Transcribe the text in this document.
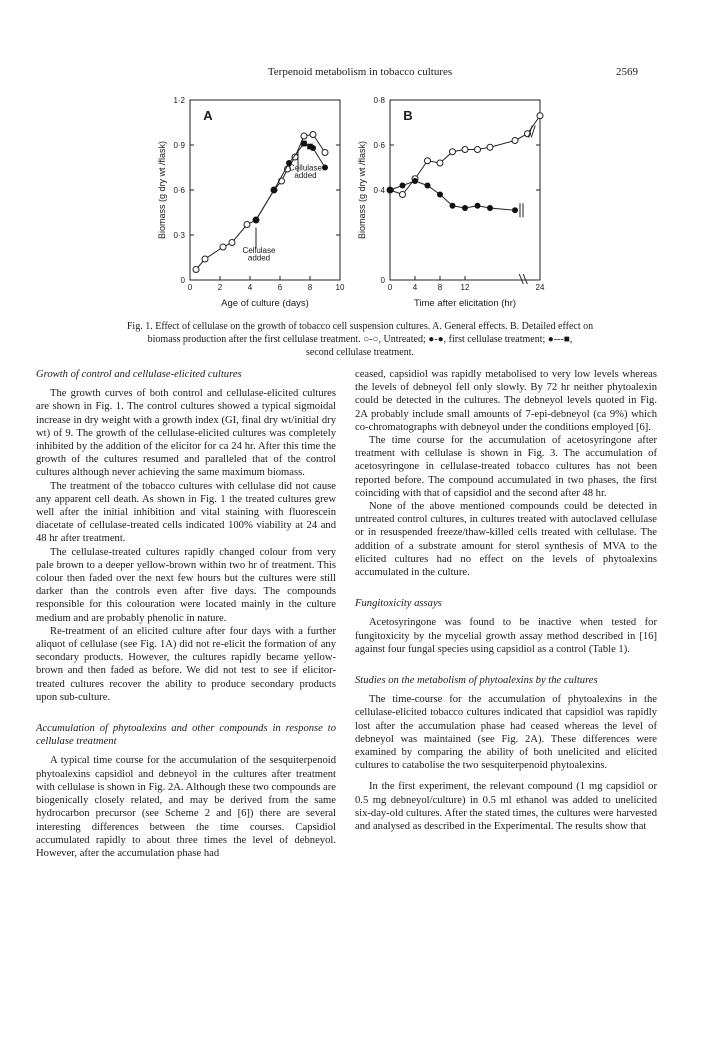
Terpenoid metabolism in tobacco cultures	2569
0	2	4	6	8	10
0
0·3
0·6
0·9
1·2
Age of culture (days)
Biomass (g dry wt /flask)
A
Cellulase
added
Cellulase
added
0	4	8 12	24
0
0·4
0·6
0·8
Time after elicitation (hr)
Biomass (g dry wt /flask)
B
Fig. 1. Effect of cellulase on the growth of tobacco cell suspension cultures. A. General effects. B. Detailed effect on
biomass production after the first cellulase treatment. ○-○, Untreated; ●-●, first cellulase treatment; ●---■,
second cellulase treatment.
Growth of control and cellulase-elicited cultures

The growth curves of both control and cellulase-elicited cultures are shown in Fig. 1. The control cultures showed a typical sigmoidal increase in dry weight with a growth index (GI, final dry wt/initial dry wt) of 9. The growth of the cellulase-elicited cultures was completely inhibited by the addition of the elicitor for ca 24 hr. After this time the growth of the cultures resumed and paralleled that of the control cultures although never achieving the same maximum biomass.

The treatment of the tobacco cultures with cellulase did not cause any apparent cell death. As shown in Fig. 1 the treated cultures grew well after the initial inhibition and vital staining with fluorescein diacetate of cellulase-treated cells indicated 100% viability at 24 and 48 hr after treatment.

The cellulase-treated cultures rapidly changed colour from very pale brown to a deeper yellow-brown within two hr of treatment. This colour then faded over the next few hours but the cultures were still darker than the controls even after five days. The compounds responsible for this colouration were located mainly in the culture medium and are probably phenolic in nature.

Re-treatment of an elicited culture after four days with a further aliquot of cellulase (see Fig. 1A) did not re-elicit the formation of any secondary products. However, the cultures rapidly became yellow-brown and then faded as before. We did not test to see if elicitor-treated cultures recover the ability to produce secondary products upon sub-culture.

Accumulation of phytoalexins and other compounds in response to cellulase treatment

A typical time course for the accumulation of the sesquiterpenoid phytoalexins capsidiol and debneyol in the cultures after treatment with cellulase is shown in Fig. 2A. Although these two compounds are biogenically closely related, and may be derived from the same hydrocarbon precursor (see Scheme 2 and [6]) there are several interesting differences between the time courses. Capsidiol accumulated rapidly to about three times the level of debneyol. However, after the accumulation phase had

ceased, capsidiol was rapidly metabolised to very low levels whereas the levels of debneyol fell only slowly. By 72 hr neither phytoalexin could be detected in the cultures. The debneyol levels quoted in Fig. 2A probably include small amounts of 7-epi-debneyol (ca 9%) which co-chromatographs with debneyol under the conditions employed [6].

The time course for the accumulation of acetosyringone after treatment with cellulase is shown in Fig. 3. The accumulation of acetosyringone in cellulase-treated tobacco cultures has not been reported before. The compound accumulated in two phases, the first coinciding with that of capsidiol and the second after 48 hr.

None of the above mentioned compounds could be detected in untreated control cultures, in cultures treated with autoclaved cellulase or in resuspended freeze/thaw-killed cells treated with cellulase. The addition of a substrate amount for sterol synthesis of MVA to the elicited cultures had no effect on the levels of phytoalexins accumulated in the culture.

Fungitoxicity assays

Acetosyringone was found to be inactive when tested for fungitoxicity by the mycelial growth assay method described in [16] against four fungal species using capsidiol as a control (Table 1).

Studies on the metabolism of phytoalexins by the cultures

The time-course for the accumulation of phytoalexins in the cellulase-elicited tobacco cultures indicated that capsidiol was rapidly lost after the accumulation phase had ceased whereas the level of debneyol was maintained (see Fig. 2A). These differences were examined by comparing the ability of both unelicited and elicited cultures to catabolise the two sesquiterpenoid phytoalexins.

In the first experiment, the relevant compound (1 mg capsidiol or 0.5 mg debneyol/culture) in 0.5 ml ethanol was added to unelicited six-day-old cultures. After the stated times, the cultures were harvested and analysed as described in the Experimental. The results show that
